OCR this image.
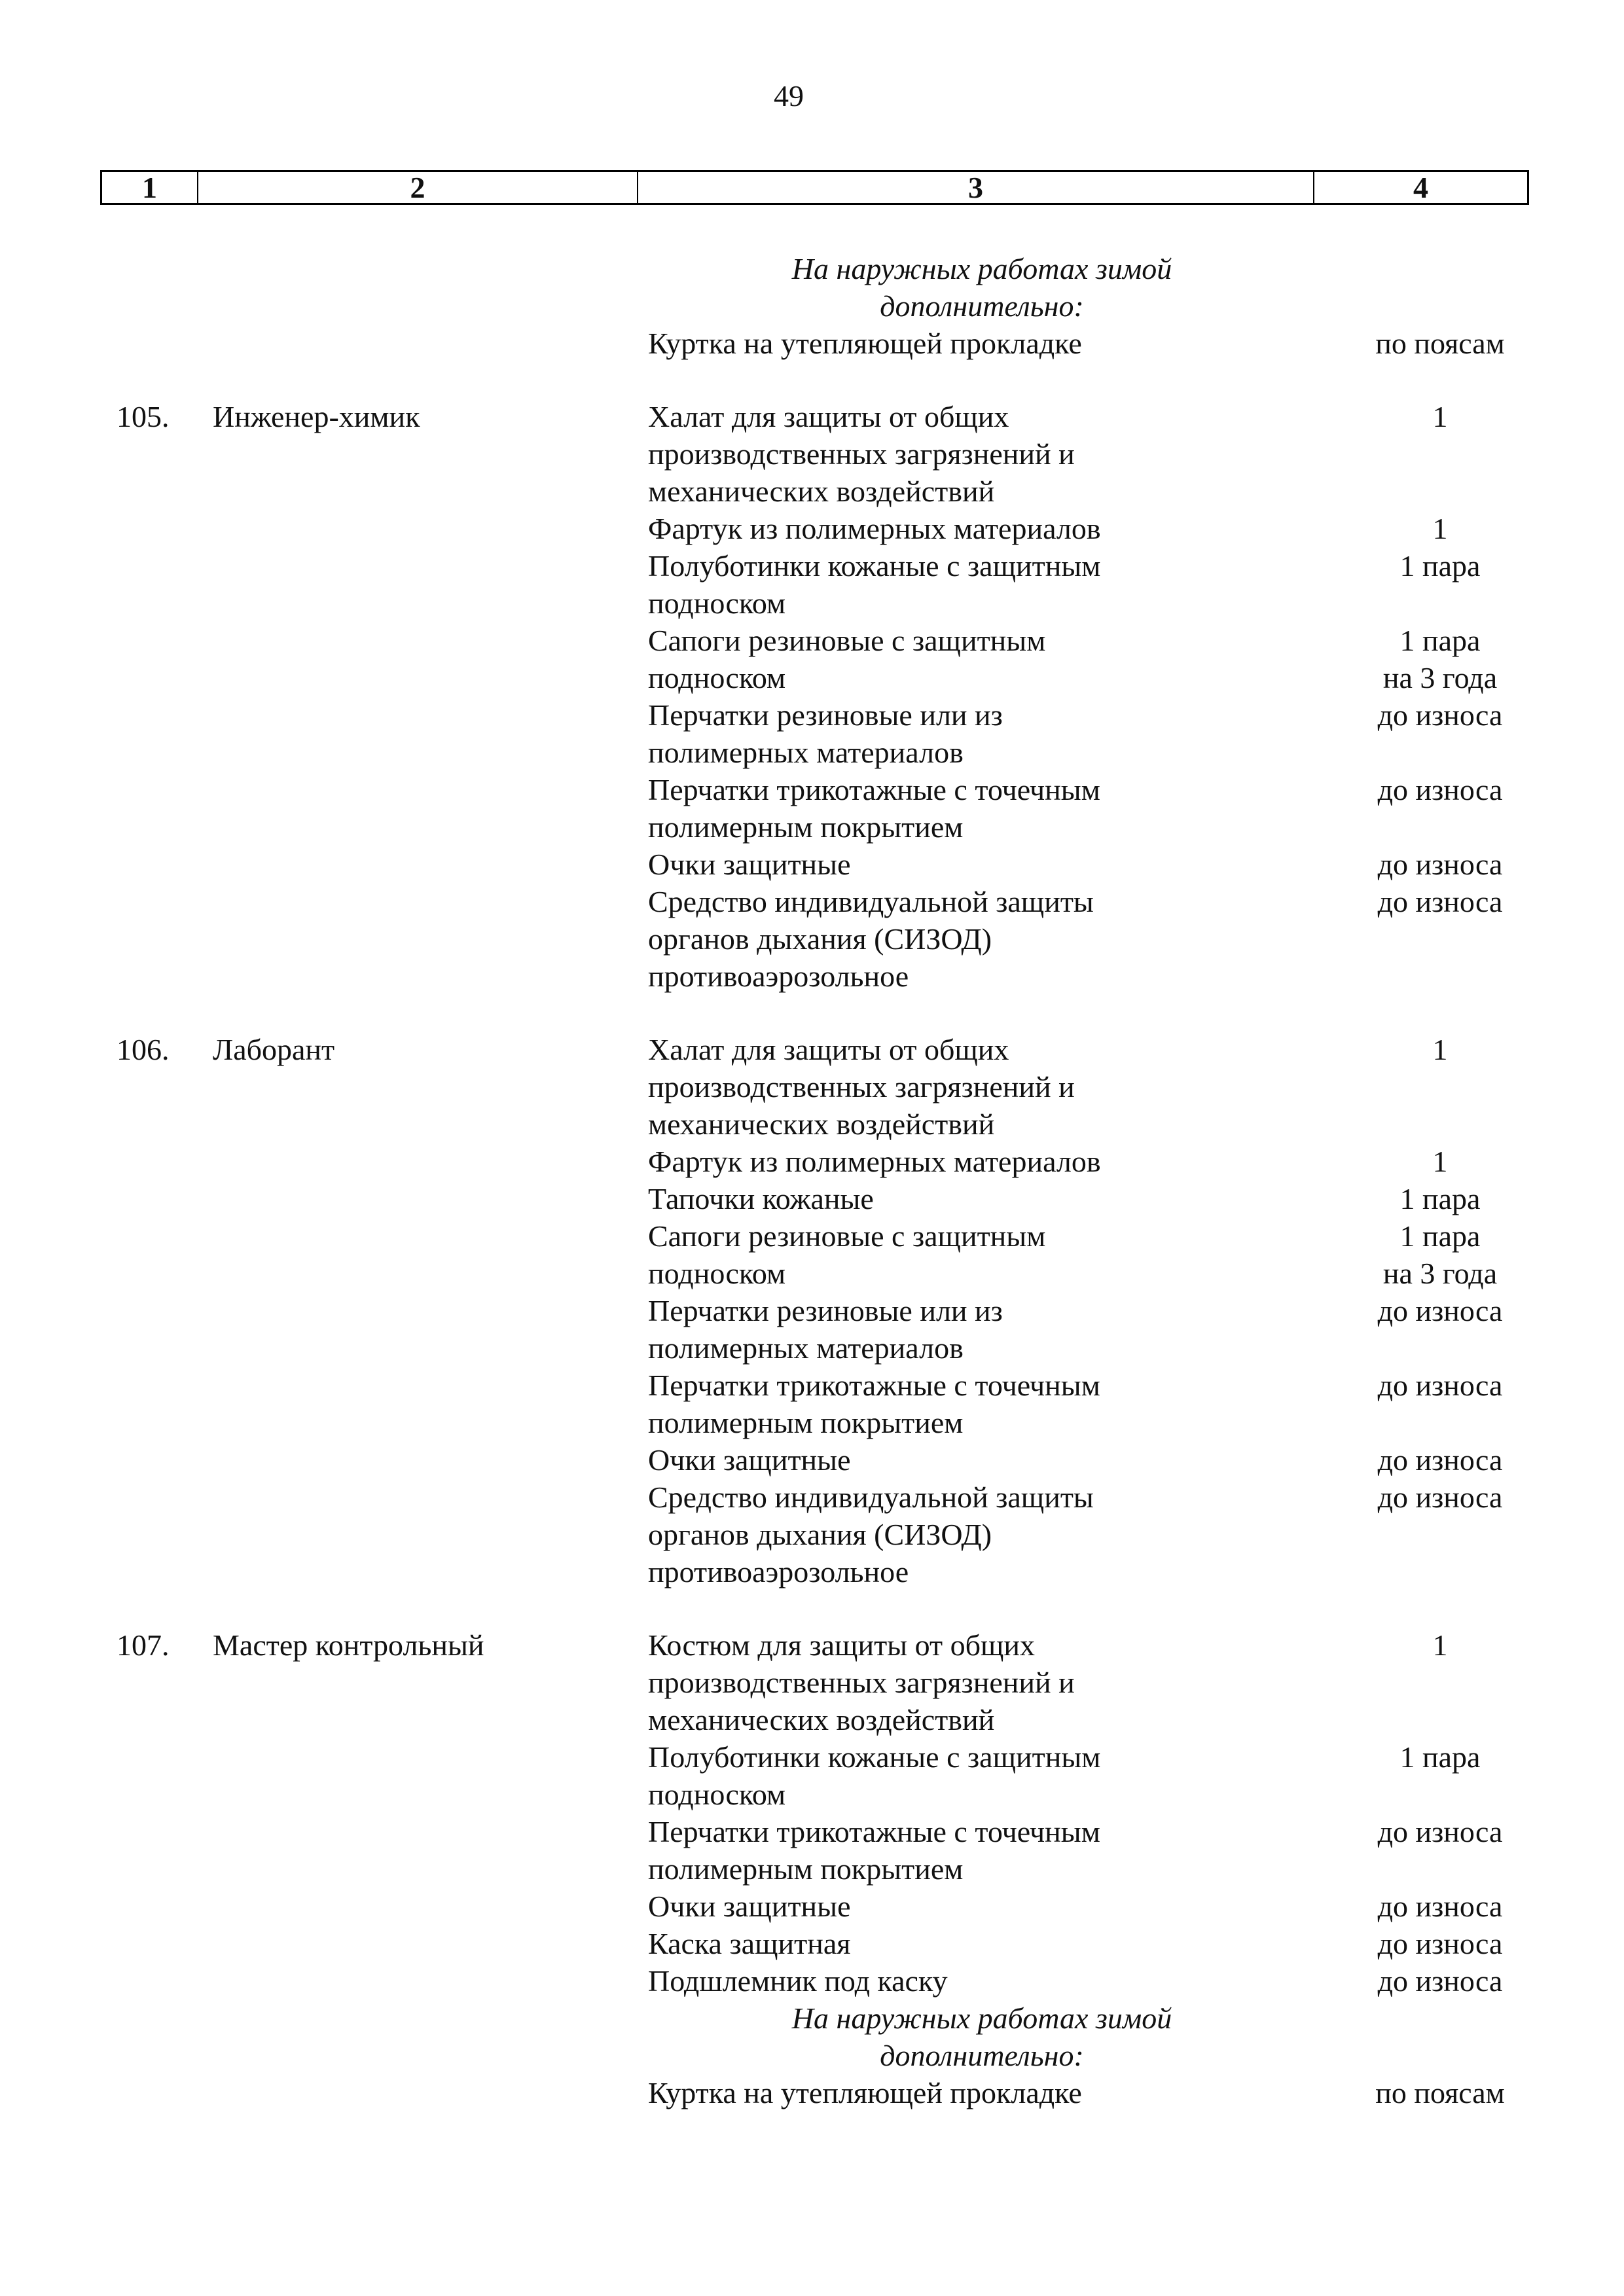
49
1	2	3	4
На наружных работах зимой
дополнительно:
Куртка на утепляющей прокладке	по поясам
105. Инженер-химик	Халат для защиты от общих	1
производственных загрязнений и
механических воздействий
Фартук из полимерных материалов	1
Полуботинки кожаные с защитным	1 пара
подноском
Сапоги резиновые с защитным	1 пара
подноском	на 3 года
Перчатки резиновые или из	до износа
полимерных материалов
Перчатки трикотажные с точечным	до износа
полимерным покрытием
Очки защитные	до износа
Средство индивидуальной защиты	до износа
органов дыхания (СИЗОД)
противоаэрозольное
106. Лаборант	Халат для защиты от общих	1
производственных загрязнений и
механических воздействий
Фартук из полимерных материалов	1
Тапочки кожаные	1 пара
Сапоги резиновые с защитным	1 пара
подноском	на 3 года
Перчатки резиновые или из	до износа
полимерных материалов
Перчатки трикотажные с точечным	до износа
полимерным покрытием
Очки защитные	до износа
Средство индивидуальной защиты	до износа
органов дыхания (СИЗОД)
противоаэрозольное
107. Мастер контрольный	Костюм для защиты от общих	1
производственных загрязнений и
механических воздействий
Полуботинки кожаные с защитным	1 пара
подноском
Перчатки трикотажные с точечным	до износа
полимерным покрытием
Очки защитные	до износа
Каска защитная	до износа
Подшлемник под каску	до износа
На наружных работах зимой
дополнительно:
Куртка на утепляющей прокладке	по поясам
